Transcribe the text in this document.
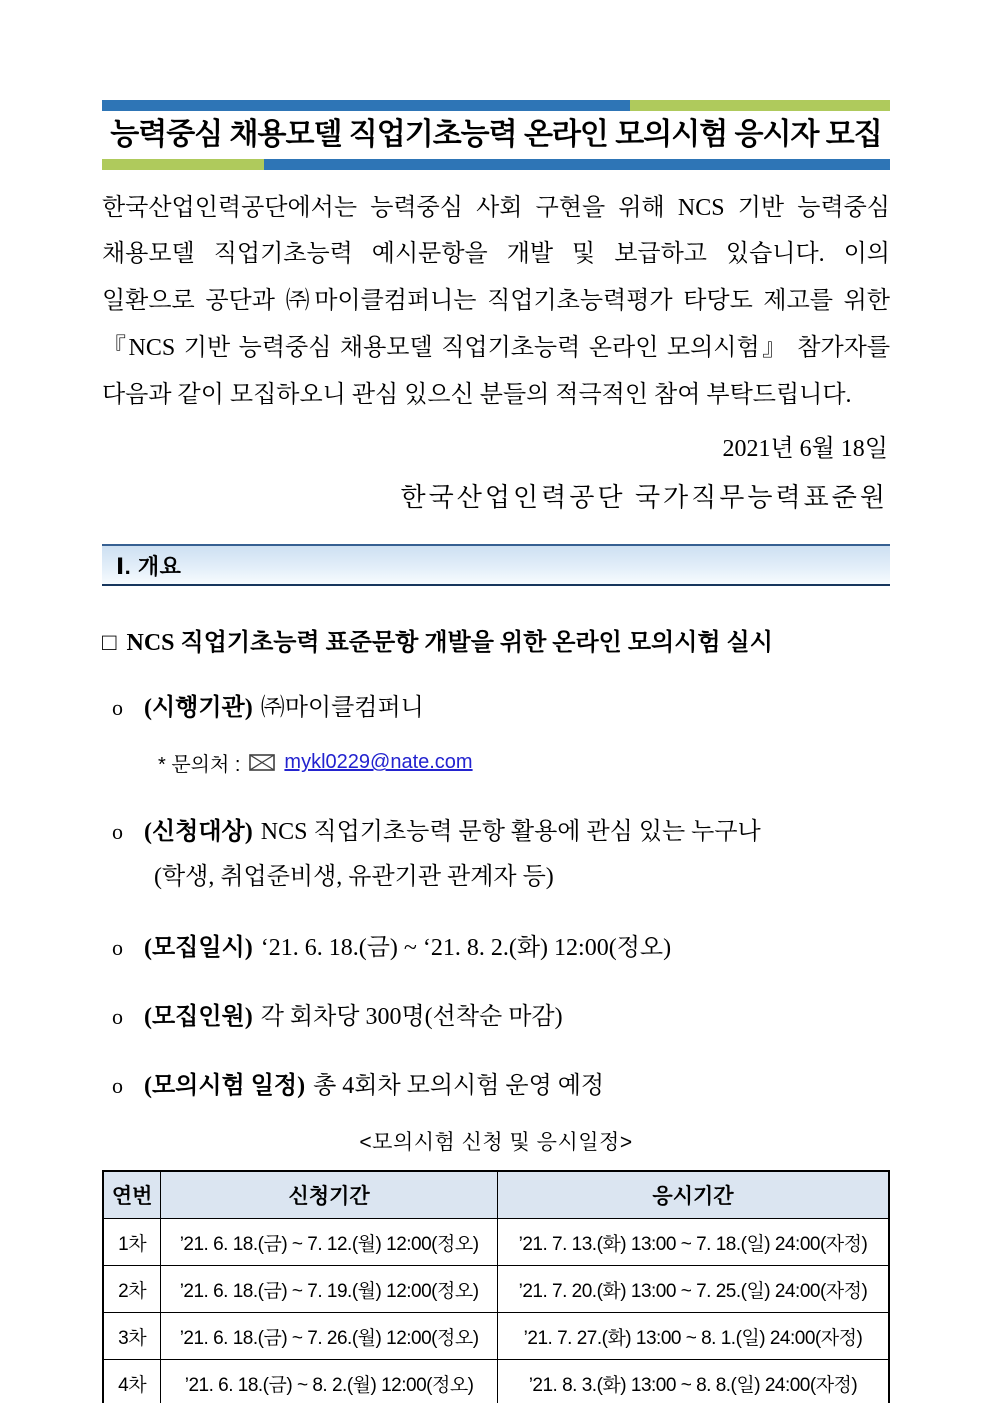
능력중심 채용모델 직업기초능력 온라인 모의시험 응시자 모집

한국산업인력공단에서는 능력중심 사회 구현을 위해 NCS 기반 능력중심 채용모델 직업기초능력 예시문항을 개발 및 보급하고 있습니다. 이의 일환으로 공단과 ㈜마이클컴퍼니는 직업기초능력평가 타당도 제고를 위한 『NCS 기반 능력중심 채용모델 직업기초능력 온라인 모의시험』 참가자를 다음과 같이 모집하오니 관심 있으신 분들의 적극적인 참여 부탁드립니다.

2021년 6월 18일

한국산업인력공단 국가직무능력표준원

Ⅰ. 개요

□ NCS 직업기초능력 표준문항 개발을 위한 온라인 모의시험 실시

o (시행기관) ㈜마이클컴퍼니

* 문의처 : mykl0229@nate.com

o (신청대상) NCS 직업기초능력 문항 활용에 관심 있는 누구나

(학생, 취업준비생, 유관기관 관계자 등)

o (모집일시) ‘21. 6. 18.(금) ~ ‘21. 8. 2.(화) 12:00(정오)

o (모집인원) 각 회차당 300명(선착순 마감)

o (모의시험 일정) 총 4회차 모의시험 운영 예정

<모의시험 신청 및 응시일정>

연번	신청기간	응시기간
1차	’21. 6. 18.(금) ~ 7. 12.(월) 12:00(정오)	’21. 7. 13.(화) 13:00 ~ 7. 18.(일) 24:00(자정)
2차	’21. 6. 18.(금) ~ 7. 19.(월) 12:00(정오)	’21. 7. 20.(화) 13:00 ~ 7. 25.(일) 24:00(자정)
3차	’21. 6. 18.(금) ~ 7. 26.(월) 12:00(정오)	’21. 7. 27.(화) 13:00 ~ 8. 1.(일) 24:00(자정)
4차	’21. 6. 18.(금) ~ 8. 2.(월) 12:00(정오)	’21. 8. 3.(화) 13:00 ~ 8. 8.(일) 24:00(자정)
